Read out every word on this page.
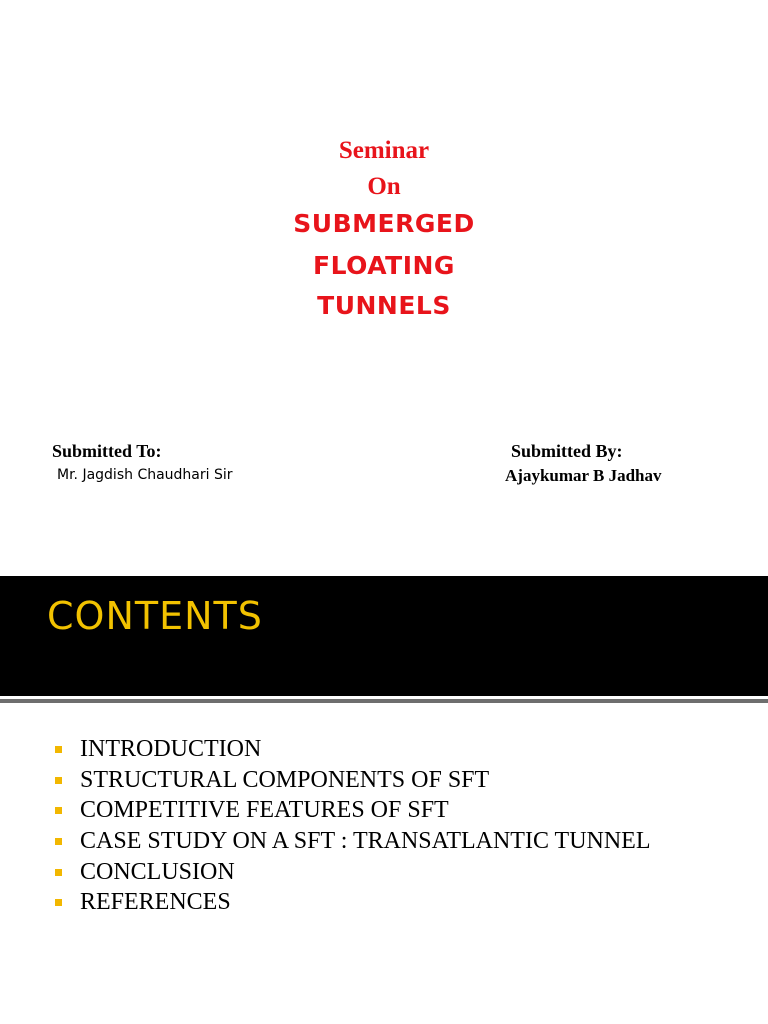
Seminar
On
SUBMERGED
FLOATING
TUNNELS
Submitted To:
Mr. Jagdish Chaudhari Sir
Submitted By:
Ajaykumar B Jadhav
CONTENTS
INTRODUCTION
STRUCTURAL COMPONENTS OF SFT
COMPETITIVE FEATURES OF SFT
CASE STUDY ON A SFT : TRANSATLANTIC TUNNEL
CONCLUSION
REFERENCES
